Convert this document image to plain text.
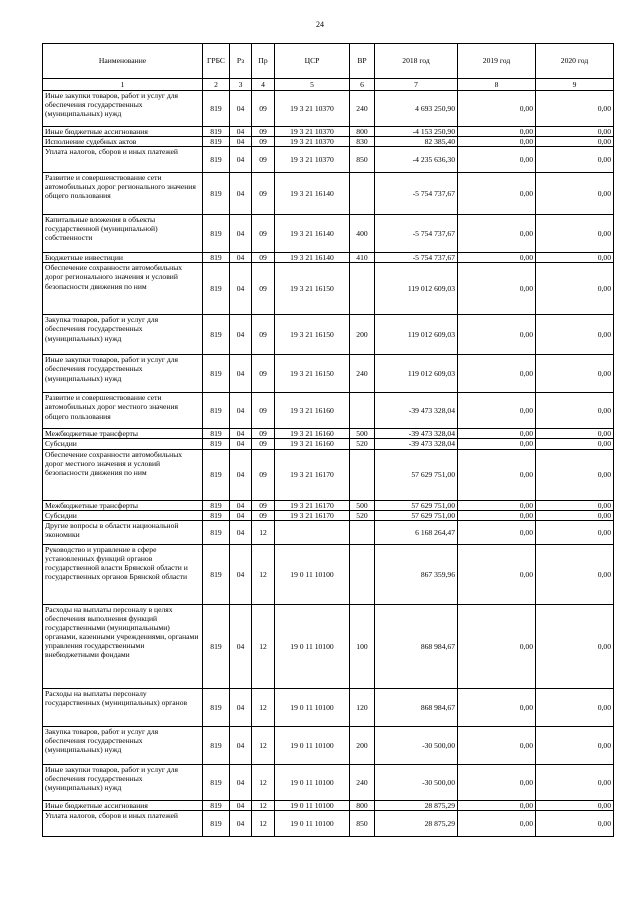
24
Наименование	ГРБС	Рз	Пр	ЦСР	ВР	2018 год	2019 год	2020 год
1	2	3	4	5	6	7	8	9
Иные закупки товаров, работ и услуг для обеспечения государственных (муниципальных) нужд	819	04	09	19 3 21 10370	240	4 693 250,90	0,00	0,00
Иные бюджетные ассигнования	819	04	09	19 3 21 10370	800	-4 153 250,90	0,00	0,00
Исполнение судебных актов	819	04	09	19 3 21 10370	830	82 385,40	0,00	0,00
Уплата налогов, сборов и иных платежей	819	04	09	19 3 21 10370	850	-4 235 636,30	0,00	0,00
Развитие и совершенствование сети автомобильных дорог регионального значения общего пользования	819	04	09	19 3 21 16140		-5 754 737,67	0,00	0,00
Капитальные вложения в объекты государственной (муниципальной) собственности	819	04	09	19 3 21 16140	400	-5 754 737,67	0,00	0,00
Бюджетные инвестиции	819	04	09	19 3 21 16140	410	-5 754 737,67	0,00	0,00
Обеспечение сохранности автомобильных дорог регионального значения и условий безопасности движения по ним	819	04	09	19 3 21 16150		119 012 609,03	0,00	0,00
Закупка товаров, работ и услуг для обеспечения государственных (муниципальных) нужд	819	04	09	19 3 21 16150	200	119 012 609,03	0,00	0,00
Иные закупки товаров, работ и услуг для обеспечения государственных (муниципальных) нужд	819	04	09	19 3 21 16150	240	119 012 609,03	0,00	0,00
Развитие и совершенствование сети автомобильных дорог местного значения общего пользования	819	04	09	19 3 21 16160		-39 473 328,04	0,00	0,00
Межбюджетные трансферты	819	04	09	19 3 21 16160	500	-39 473 328,04	0,00	0,00
Субсидии	819	04	09	19 3 21 16160	520	-39 473 328,04	0,00	0,00
Обеспечение сохранности автомобильных дорог местного значения и условий безопасности движения по ним	819	04	09	19 3 21 16170		57 629 751,00	0,00	0,00
Межбюджетные трансферты	819	04	09	19 3 21 16170	500	57 629 751,00	0,00	0,00
Субсидии	819	04	09	19 3 21 16170	520	57 629 751,00	0,00	0,00
Другие вопросы в области национальной экономики	819	04	12			6 168 264,47	0,00	0,00
Руководство и управление в сфере установленных функций органов государственной власти Брянской области и государственных органов Брянской области	819	04	12	19 0 11 10100		867 359,96	0,00	0,00
Расходы на выплаты персоналу в целях обеспечения выполнения функций государственными (муниципальными) органами, казенными учреждениями, органами управления государственными внебюджетными фондами	819	04	12	19 0 11 10100	100	868 984,67	0,00	0,00
Расходы на выплаты персоналу государственных (муниципальных) органов	819	04	12	19 0 11 10100	120	868 984,67	0,00	0,00
Закупка товаров, работ и услуг для обеспечения государственных (муниципальных) нужд	819	04	12	19 0 11 10100	200	-30 500,00	0,00	0,00
Иные закупки товаров, работ и услуг для обеспечения государственных (муниципальных) нужд	819	04	12	19 0 11 10100	240	-30 500,00	0,00	0,00
Иные бюджетные ассигнования	819	04	12	19 0 11 10100	800	28 875,29	0,00	0,00
Уплата налогов, сборов и иных платежей	819	04	12	19 0 11 10100	850	28 875,29	0,00	0,00
